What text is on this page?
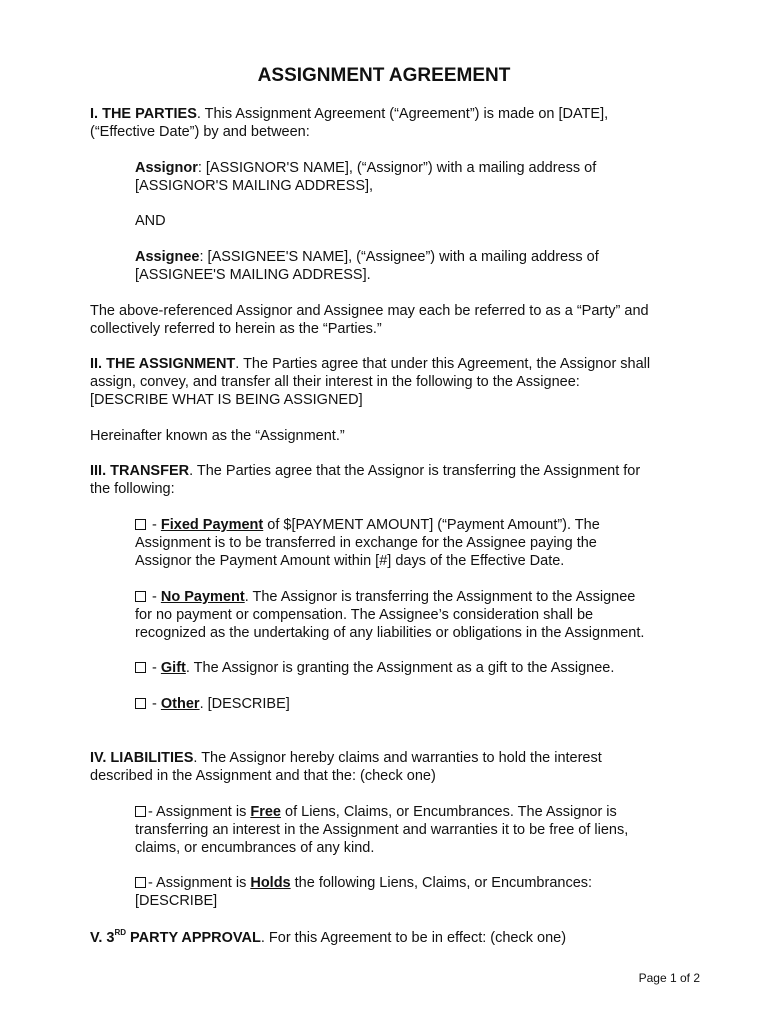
ASSIGNMENT AGREEMENT

I. THE PARTIES. This Assignment Agreement (“Agreement”) is made on [DATE],
(“Effective Date”) by and between:

Assignor: [ASSIGNOR'S NAME], (“Assignor”) with a mailing address of
[ASSIGNOR'S MAILING ADDRESS],

AND

Assignee: [ASSIGNEE'S NAME], (“Assignee”) with a mailing address of
[ASSIGNEE'S MAILING ADDRESS].

The above-referenced Assignor and Assignee may each be referred to as a “Party” and
collectively referred to herein as the “Parties.”

II. THE ASSIGNMENT. The Parties agree that under this Agreement, the Assignor shall
assign, convey, and transfer all their interest in the following to the Assignee:
[DESCRIBE WHAT IS BEING ASSIGNED]

Hereinafter known as the “Assignment.”

III. TRANSFER. The Parties agree that the Assignor is transferring the Assignment for
the following:

- Fixed Payment of $[PAYMENT AMOUNT] (“Payment Amount”). The
Assignment is to be transferred in exchange for the Assignee paying the
Assignor the Payment Amount within [#] days of the Effective Date.

- No Payment. The Assignor is transferring the Assignment to the Assignee
for no payment or compensation. The Assignee’s consideration shall be
recognized as the undertaking of any liabilities or obligations in the Assignment.

- Gift. The Assignor is granting the Assignment as a gift to the Assignee.

- Other. [DESCRIBE]

IV. LIABILITIES. The Assignor hereby claims and warranties to hold the interest
described in the Assignment and that the: (check one)

- Assignment is Free of Liens, Claims, or Encumbrances. The Assignor is
transferring an interest in the Assignment and warranties it to be free of liens,
claims, or encumbrances of any kind.

- Assignment is Holds the following Liens, Claims, or Encumbrances:
[DESCRIBE]

V. 3RD PARTY APPROVAL. For this Agreement to be in effect: (check one)

Page 1 of 2
